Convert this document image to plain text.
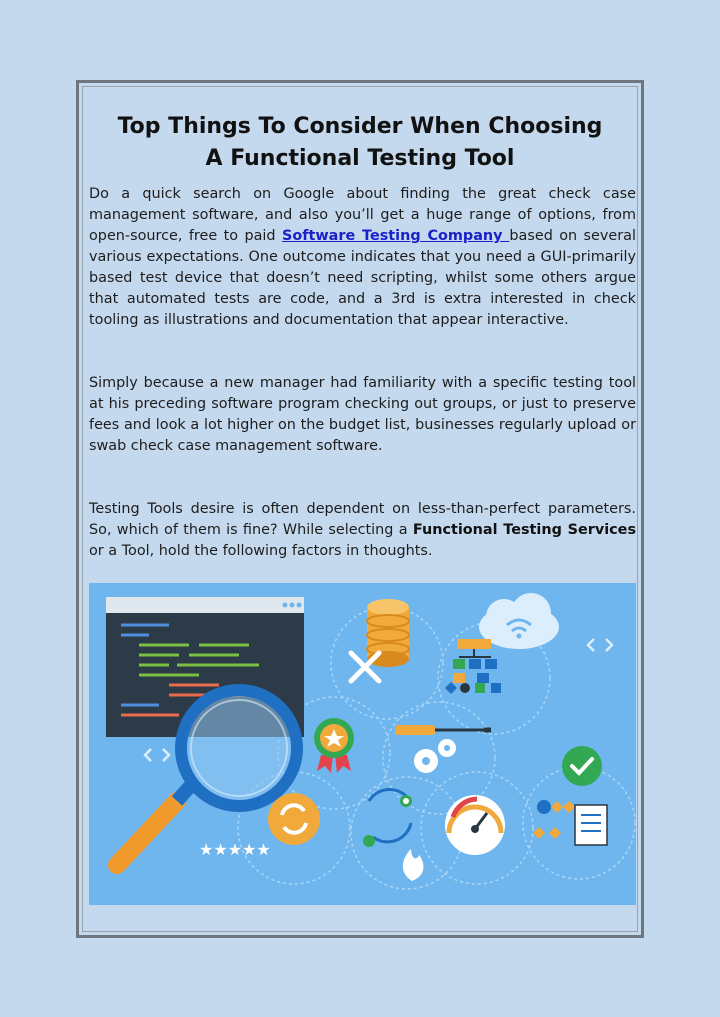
Top Things To Consider When Choosing
A Functional Testing Tool

Do a quick search on Google about finding the great check case management software, and also you’ll get a huge range of options, from open-source, free to paid Software Testing Company based on several various expectations. One outcome indicates that you need a GUI-primarily based test device that doesn’t need scripting, whilst some others argue that automated tests are code, and a 3rd is extra interested in check tooling as illustrations and documentation that appear interactive.

Simply because a new manager had familiarity with a specific testing tool at his preceding software program checking out groups, or just to preserve fees and look a lot higher on the budget list, businesses regularly upload or swab check case management software.

Testing Tools desire is often dependent on less-than-perfect parameters. So, which of them is fine? While selecting a Functional Testing Services or a Tool, hold the following factors in thoughts.

★★★★★
